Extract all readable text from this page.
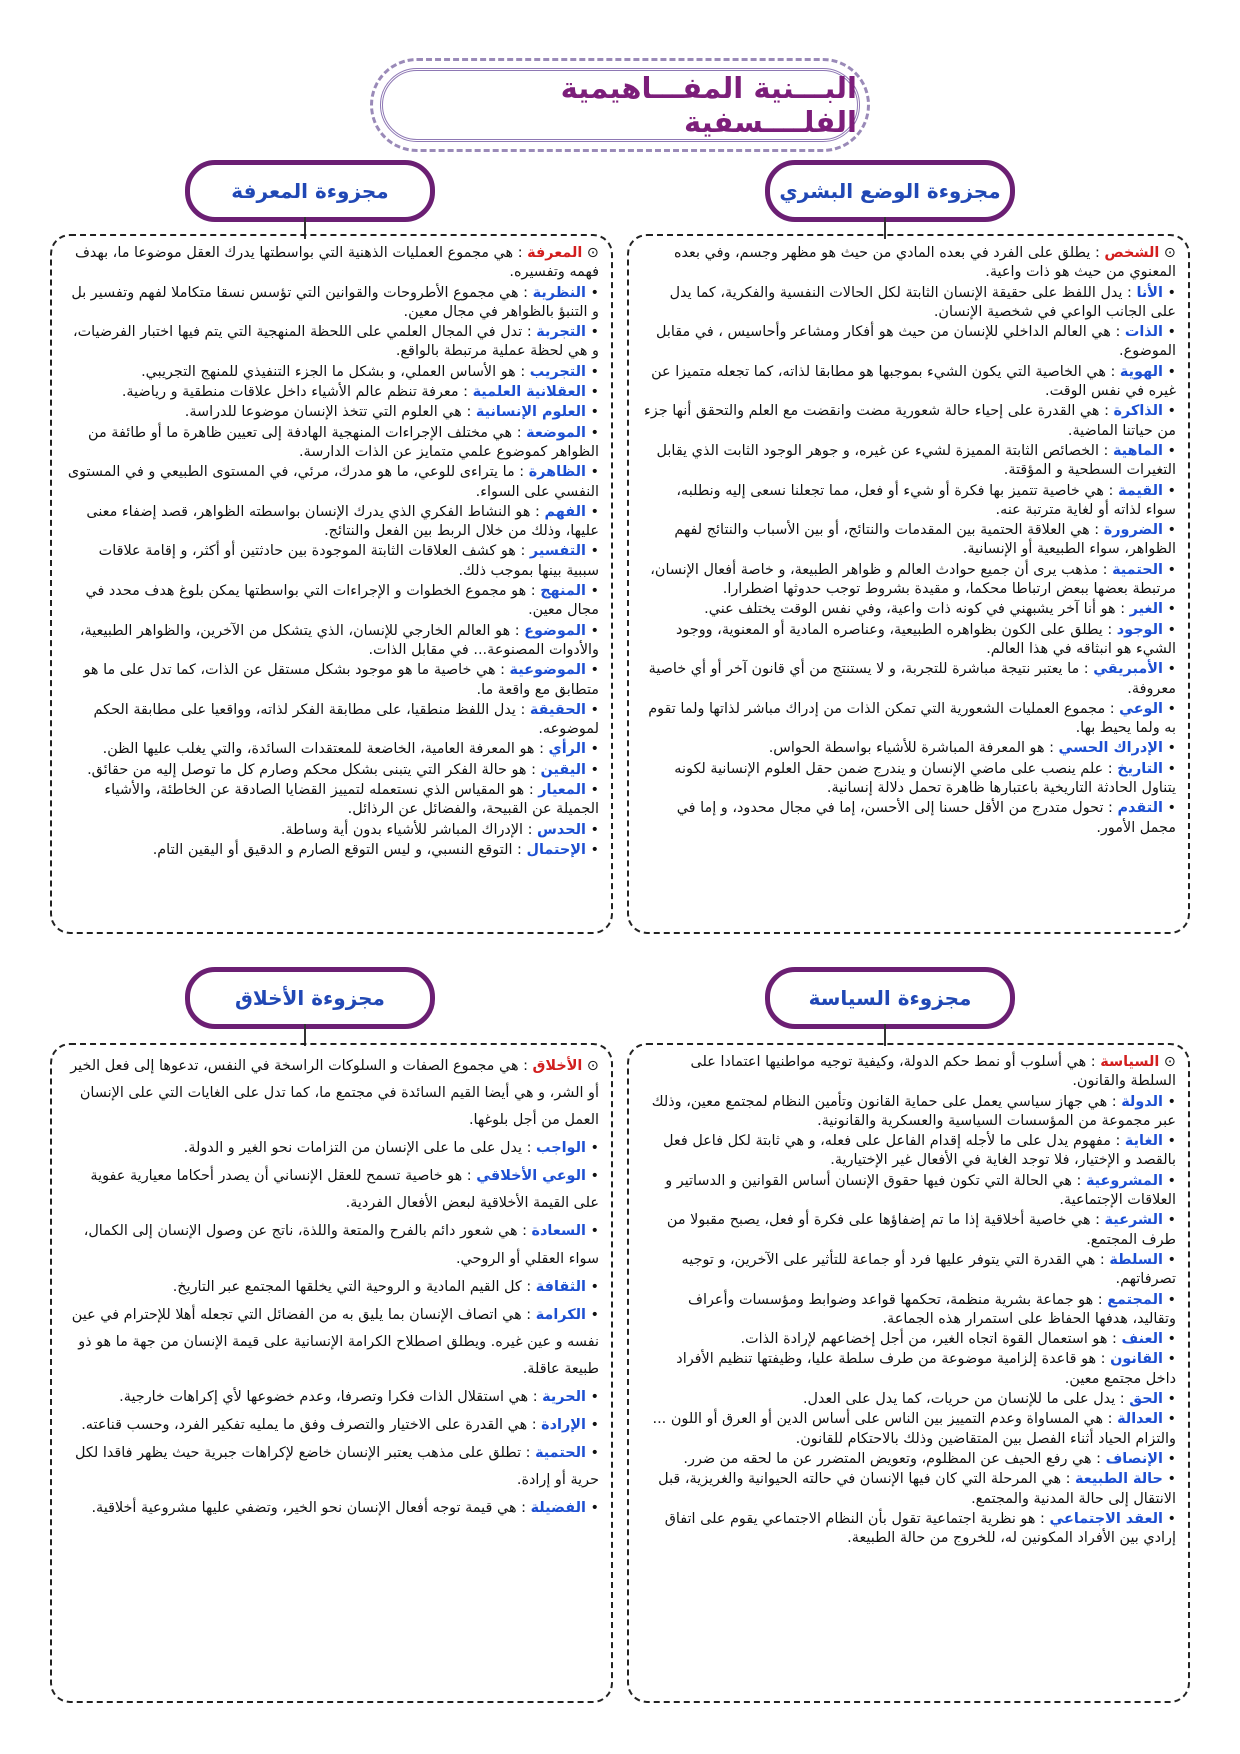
البـــنية المفـــاهيمية الفلــــسفية
مجزوءة الوضع البشري
مجزوءة المعرفة
مجزوءة السياسة
مجزوءة الأخلاق

⊙ الشخص : يطلق على الفرد في بعده المادي من حيث هو مظهر وجسم، وفي بعده المعنوي من حيث هو ذات واعية.

• الأنا : يدل اللفظ على حقيقة الإنسان الثابتة لكل الحالات النفسية والفكرية، كما يدل على الجانب الواعي في شخصية الإنسان.

• الذات : هي العالم الداخلي للإنسان من حيث هو أفكار ومشاعر وأحاسيس ، في مقابل الموضوع.

• الهوية : هي الخاصية التي يكون الشيء بموجبها هو مطابقا لذاته، كما تجعله متميزا عن غيره في نفس الوقت.

• الذاكرة : هي القدرة على إحياء حالة شعورية مضت وانقضت مع العلم والتحقق أنها جزء من حياتنا الماضية.

• الماهية : الخصائص الثابتة المميزة لشيء عن غيره، و جوهر الوجود الثابت الذي يقابل التغيرات السطحية و المؤقتة.

• القيمة : هي خاصية تتميز بها فكرة أو شيء أو فعل، مما تجعلنا نسعى إليه ونطلبه، سواء لذاته أو لغاية مترتبة عنه.

• الضرورة : هي العلاقة الحتمية بين المقدمات والنتائج، أو بين الأسباب والنتائج لفهم الظواهر، سواء الطبيعية أو الإنسانية.

• الحتمية : مذهب يرى أن جميع حوادث العالم و ظواهر الطبيعة، و خاصة أفعال الإنسان، مرتبطة بعضها ببعض ارتباطا محكما، و مقيدة بشروط توجب حدوثها اضطرارا.

• الغير : هو أنا آخر يشبهني في كونه ذات واعية، وفي نفس الوقت يختلف عني.

• الوجود : يطلق على الكون بظواهره الطبيعية، وعناصره المادية أو المعنوية، ووجود الشيء هو انبثاقه في هذا العالم.

• الأمبريقي : ما يعتبر نتيجة مباشرة للتجربة، و لا يستنتج من أي قانون آخر أو أي خاصية معروفة.

• الوعي : مجموع العمليات الشعورية التي تمكن الذات من إدراك مباشر لذاتها ولما تقوم به ولما يحيط بها.

• الإدراك الحسي : هو المعرفة المباشرة للأشياء بواسطة الحواس.

• التاريخ : علم ينصب على ماضي الإنسان و يندرج ضمن حقل العلوم الإنسانية لكونه يتناول الحادثة التاريخية باعتبارها ظاهرة تحمل دلالة إنسانية.

• التقدم : تحول متدرج من الأقل حسنا إلى الأحسن، إما في مجال محدود، و إما في مجمل الأمور.

⊙ المعرفة : هي مجموع العمليات الذهنية التي بواسطتها يدرك العقل موضوعا ما، بهدف فهمه وتفسيره.

• النظرية : هي مجموع الأطروحات والقوانين التي تؤسس نسقا متكاملا لفهم وتفسير بل و التنبؤ بالظواهر في مجال معين.

• التجربة : تدل في المجال العلمي على اللحظة المنهجية التي يتم فيها اختبار الفرضيات، و هي لحظة عملية مرتبطة بالواقع.

• التجريب : هو الأساس العملي، و بشكل ما الجزء التنفيذي للمنهج التجريبي.

• العقلانية العلمية : معرفة تنظم عالم الأشياء داخل علاقات منطقية و رياضية.

• العلوم الإنسانية : هي العلوم التي تتخذ الإنسان موضوعا للدراسة.

• الموضعة : هي مختلف الإجراءات المنهجية الهادفة إلى تعيين ظاهرة ما أو طائفة من الظواهر كموضوع علمي متمايز عن الذات الدارسة.

• الظاهرة : ما يتراءى للوعي، ما هو مدرك، مرئي، في المستوى الطبيعي و في المستوى النفسي على السواء.

• الفهم : هو النشاط الفكري الذي يدرك الإنسان بواسطته الظواهر، قصد إضفاء معنى عليها، وذلك من خلال الربط بين الفعل والنتائج.

• التفسير : هو كشف العلاقات الثابتة الموجودة بين حادثتين أو أكثر، و إقامة علاقات سببية بينها بموجب ذلك.

• المنهج : هو مجموع الخطوات و الإجراءات التي بواسطتها يمكن بلوغ هدف محدد في مجال معين.

• الموضوع : هو العالم الخارجي للإنسان، الذي يتشكل من الآخرين، والظواهر الطبيعية، والأدوات المصنوعة... في مقابل الذات.

• الموضوعية : هي خاصية ما هو موجود بشكل مستقل عن الذات، كما تدل على ما هو متطابق مع واقعة ما.

• الحقيقة : يدل اللفظ منطقيا، على مطابقة الفكر لذاته، وواقعيا على مطابقة الحكم لموضوعه.

• الرأي : هو المعرفة العامية، الخاضعة للمعتقدات السائدة، والتي يغلب عليها الظن.

• اليقين : هو حالة الفكر التي يتبنى بشكل محكم وصارم كل ما توصل إليه من حقائق.

• المعيار : هو المقياس الذي نستعمله لتمييز القضايا الصادقة عن الخاطئة، والأشياء الجميلة عن القبيحة، والفضائل عن الرذائل.

• الحدس : الإدراك المباشر للأشياء بدون أية وساطة.

• الإحتمال : التوقع النسبي، و ليس التوقع الصارم و الدقيق أو اليقين التام.

⊙ السياسة : هي أسلوب أو نمط حكم الدولة، وكيفية توجيه مواطنيها اعتمادا على السلطة والقانون.

• الدولة : هي جهاز سياسي يعمل على حماية القانون وتأمين النظام لمجتمع معين، وذلك عبر مجموعة من المؤسسات السياسية والعسكرية والقانونية.

• الغاية : مفهوم يدل على ما لأجله إقدام الفاعل على فعله، و هي ثابتة لكل فاعل فعل بالقصد و الإختيار، فلا توجد الغاية في الأفعال غير الإختيارية.

• المشروعية : هي الحالة التي تكون فيها حقوق الإنسان أساس القوانين و الدساتير و العلاقات الإجتماعية.

• الشرعية : هي خاصية أخلاقية إذا ما تم إضفاؤها على فكرة أو فعل، يصبح مقبولا من طرف المجتمع.

• السلطة : هي القدرة التي يتوفر عليها فرد أو جماعة للتأثير على الآخرين، و توجيه تصرفاتهم.

• المجتمع : هو جماعة بشرية منظمة، تحكمها قواعد وضوابط ومؤسسات وأعراف وتقاليد، هدفها الحفاظ على استمرار هذه الجماعة.

• العنف : هو استعمال القوة اتجاه الغير، من أجل إخضاعهم لإرادة الذات.

• القانون : هو قاعدة إلزامية موضوعة من طرف سلطة عليا، وظيفتها تنظيم الأفراد داخل مجتمع معين.

• الحق : يدل على ما للإنسان من حريات، كما يدل على العدل.

• العدالة : هي المساواة وعدم التمييز بين الناس على أساس الدين أو العرق أو اللون ... والتزام الحياد أثناء الفصل بين المتقاضين وذلك بالاحتكام للقانون.

• الإنصاف : هي رفع الحيف عن المظلوم، وتعويض المتضرر عن ما لحقه من ضرر.

• حالة الطبيعة : هي المرحلة التي كان فيها الإنسان في حالته الحيوانية والغريزية، قبل الانتقال إلى حالة المدنية والمجتمع.

• العقد الاجتماعي : هو نظرية اجتماعية تقول بأن النظام الاجتماعي يقوم على اتفاق إرادي بين الأفراد المكونين له، للخروج من حالة الطبيعة.

⊙ الأخلاق : هي مجموع الصفات و السلوكات الراسخة في النفس، تدعوها إلى فعل الخير أو الشر، و هي أيضا القيم السائدة في مجتمع ما، كما تدل على الغايات التي على الإنسان العمل من أجل بلوغها.

• الواجب : يدل على ما على الإنسان من التزامات نحو الغير و الدولة.

• الوعي الأخلاقي : هو خاصية تسمح للعقل الإنساني أن يصدر أحكاما معيارية عفوية على القيمة الأخلاقية لبعض الأفعال الفردية.

• السعادة : هي شعور دائم بالفرح والمتعة واللذة، ناتج عن وصول الإنسان إلى الكمال، سواء العقلي أو الروحي.

• الثقافة : كل القيم المادية و الروحية التي يخلقها المجتمع عبر التاريخ.

• الكرامة : هي اتصاف الإنسان بما يليق به من الفضائل التي تجعله أهلا للإحترام في عين نفسه و عين غيره. ويطلق اصطلاح الكرامة الإنسانية على قيمة الإنسان من جهة ما هو ذو طبيعة عاقلة.

• الحرية : هي استقلال الذات فكرا وتصرفا، وعدم خضوعها لأي إكراهات خارجية.

• الإرادة : هي القدرة على الاختيار والتصرف وفق ما يمليه تفكير الفرد، وحسب قناعته.

• الحتمية : تطلق على مذهب يعتبر الإنسان خاضع لإكراهات جبرية حيث يظهر فاقدا لكل حرية أو إرادة.

• الفضيلة : هي قيمة توجه أفعال الإنسان نحو الخير، وتضفي عليها مشروعية أخلاقية.
